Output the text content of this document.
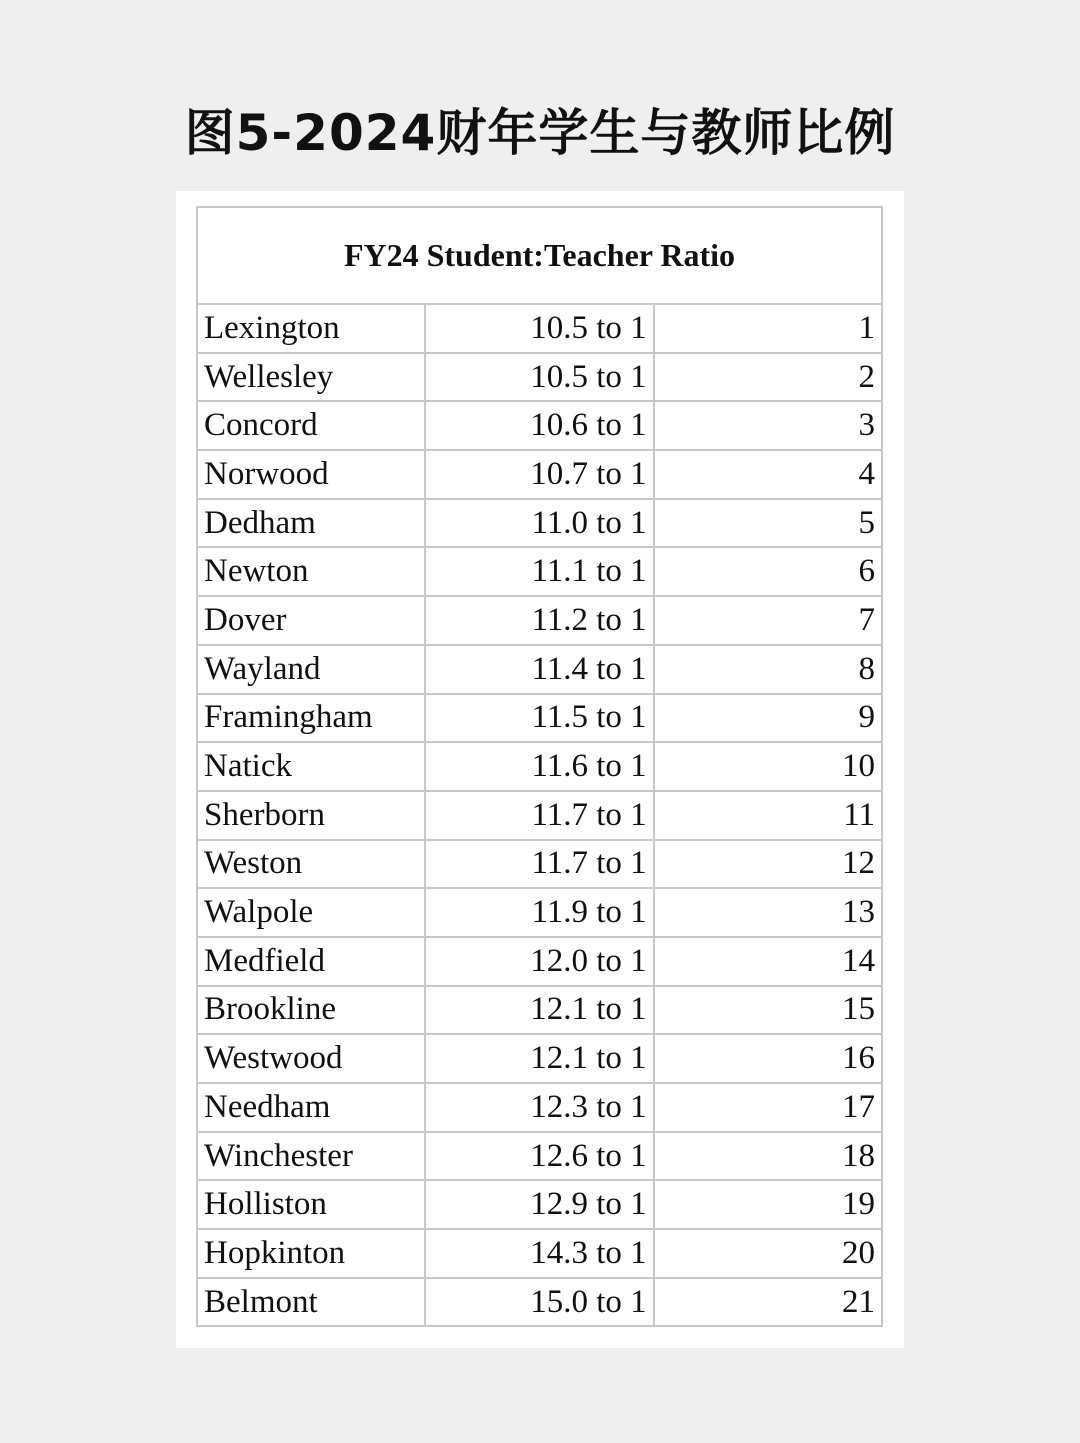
图5-2024财年学生与教师比例
FY24 Student:Teacher Ratio		
Lexington	10.5 to 1	1
Wellesley	10.5 to 1	2
Concord	10.6 to 1	3
Norwood	10.7 to 1	4
Dedham	11.0 to 1	5
Newton	11.1 to 1	6
Dover	11.2 to 1	7
Wayland	11.4 to 1	8
Framingham	11.5 to 1	9
Natick	11.6 to 1	10
Sherborn	11.7 to 1	11
Weston	11.7 to 1	12
Walpole	11.9 to 1	13
Medfield	12.0 to 1	14
Brookline	12.1 to 1	15
Westwood	12.1 to 1	16
Needham	12.3 to 1	17
Winchester	12.6 to 1	18
Holliston	12.9 to 1	19
Hopkinton	14.3 to 1	20
Belmont	15.0 to 1	21
